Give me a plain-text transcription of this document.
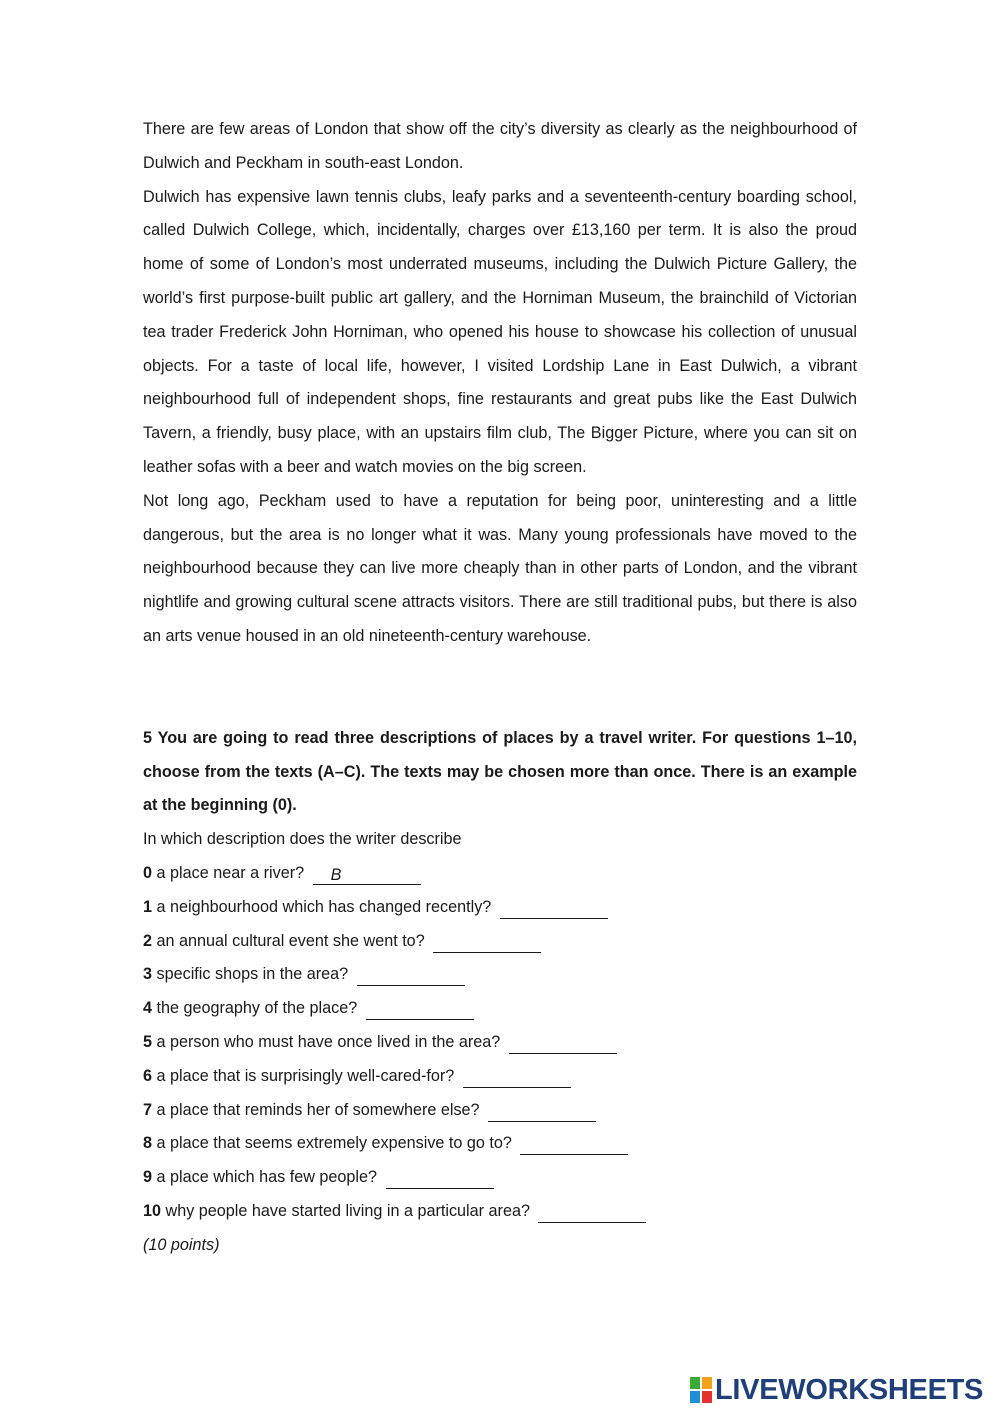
There are few areas of London that show off the city’s diversity as clearly as the neighbourhood of Dulwich and Peckham in south-east London.

Dulwich has expensive lawn tennis clubs, leafy parks and a seventeenth-century boarding school, called Dulwich College, which, incidentally, charges over £13,160 per term. It is also the proud home of some of London’s most underrated museums, including the Dulwich Picture Gallery, the world’s first purpose-built public art gallery, and the Horniman Museum, the brainchild of Victorian tea trader Frederick John Horniman, who opened his house to showcase his collection of unusual objects. For a taste of local life, however, I visited Lordship Lane in East Dulwich, a vibrant neighbourhood full of independent shops, fine restaurants and great pubs like the East Dulwich Tavern, a friendly, busy place, with an upstairs film club, The Bigger Picture, where you can sit on leather sofas with a beer and watch movies on the big screen.

Not long ago, Peckham used to have a reputation for being poor, uninteresting and a little dangerous, but the area is no longer what it was. Many young professionals have moved to the neighbourhood because they can live more cheaply than in other parts of London, and the vibrant nightlife and growing cultural scene attracts visitors. There are still traditional pubs, but there is also an arts venue housed in an old nineteenth-century warehouse.

5 You are going to read three descriptions of places by a travel writer. For questions 1–10, choose from the texts (A–C). The texts may be chosen more than once. There is an example at the beginning (0).

In which description does the writer describe

0 a place near a river? B

1 a neighbourhood which has changed recently?

2 an annual cultural event she went to?

3 specific shops in the area?

4 the geography of the place?

5 a person who must have once lived in the area?

6 a place that is surprisingly well-cared-for?

7 a place that reminds her of somewhere else?

8 a place that seems extremely expensive to go to?

9 a place which has few people?

10 why people have started living in a particular area?

(10 points)

LIVEWORKSHEETS
